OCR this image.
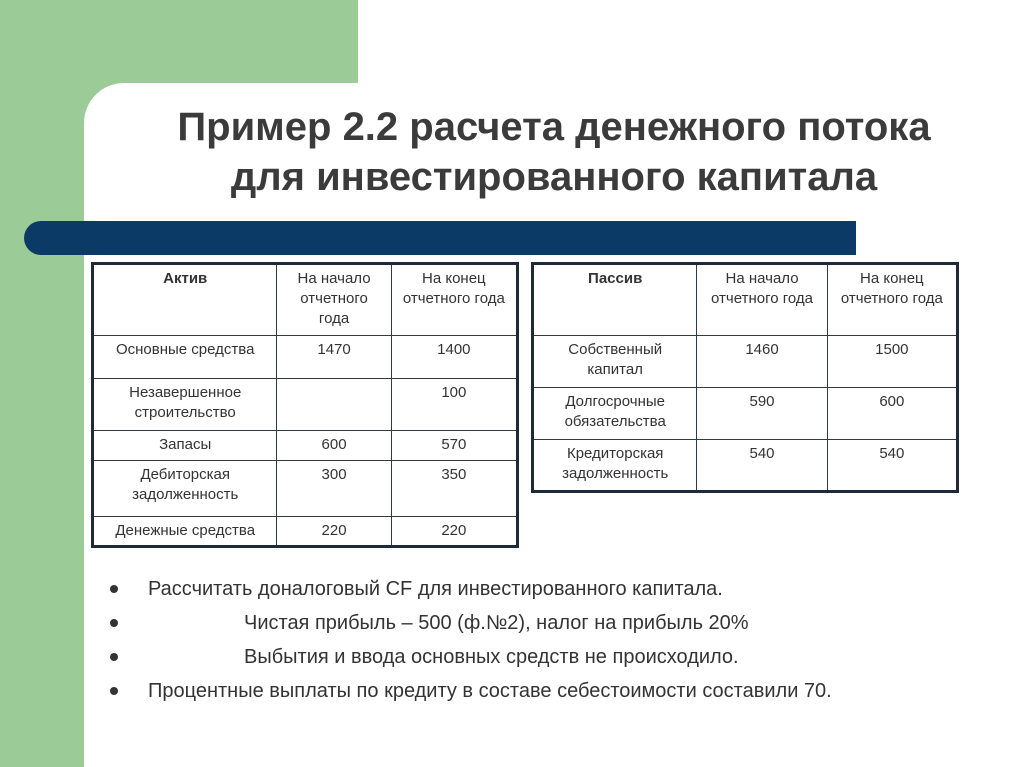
Пример 2.2 расчета денежного потока
для инвестированного капитала
Актив	На начало отчетного года	На конец отчетного года
Основные средства	1470	1400
Незавершенное строительство		100
Запасы	600	570
Дебиторская задолженность	300	350
Денежные средства	220	220
Пассив	На начало отчетного года	На конец отчетного года
Собственный капитал	1460	1500
Долгосрочные обязательства	590	600
Кредиторская задолженность	540	540
Рассчитать доналоговый CF для инвестированного капитала.
Чистая прибыль – 500 (ф.№2), налог на прибыль 20%
Выбытия и ввода основных средств не происходило.
Процентные выплаты по кредиту в составе себестоимости составили 70.
